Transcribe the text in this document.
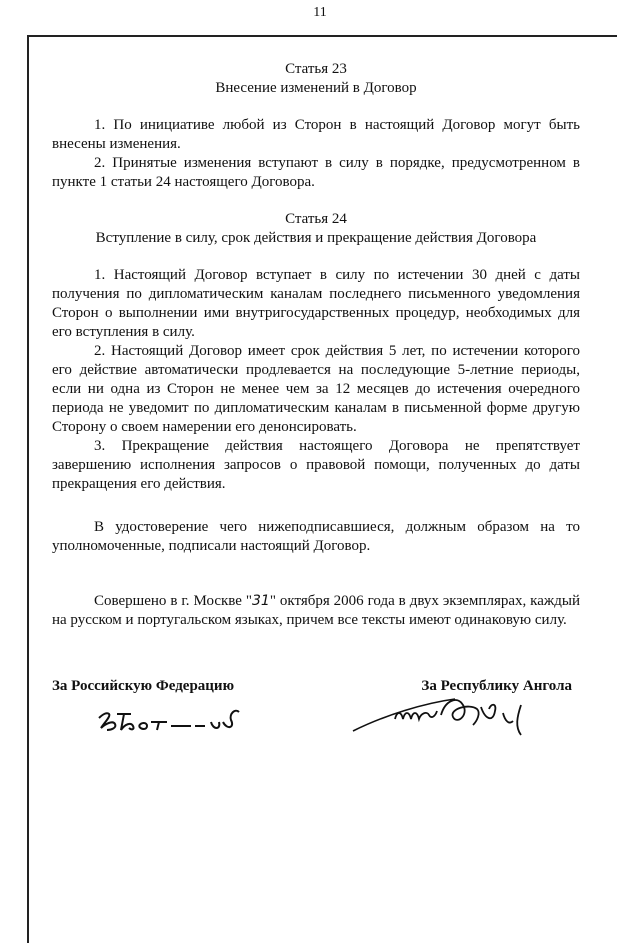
11
Статья 23
Внесение изменений в Договор

1. По инициативе любой из Сторон в настоящий Договор могут быть внесены изменения.

2. Принятые изменения вступают в силу в порядке, предусмотренном в пункте 1 статьи 24 настоящего Договора.

Статья 24
Вступление в силу, срок действия и прекращение действия Договора

1. Настоящий Договор вступает в силу по истечении 30 дней с даты получения по дипломатическим каналам последнего письменного уведомления Сторон о выполнении ими внутригосударственных процедур, необходимых для его вступления в силу.

2. Настоящий Договор имеет срок действия 5 лет, по истечении которого его действие автоматически продлевается на последующие 5-летние периоды, если ни одна из Сторон не менее чем за 12 месяцев до истечения очередного периода не уведомит по дипломатическим каналам в письменной форме другую Сторону о своем намерении его денонсировать.

3. Прекращение действия настоящего Договора не препятствует завершению исполнения запросов о правовой помощи, полученных до даты прекращения его действия.

В удостоверение чего нижеподписавшиеся, должным образом на то уполномоченные, подписали настоящий Договор.

Совершено в г. Москве "31" октября 2006 года в двух экземплярах, каждый на русском и португальском языках, причем все тексты имеют одинаковую силу.

За Российскую Федерацию	За Республику Ангола
